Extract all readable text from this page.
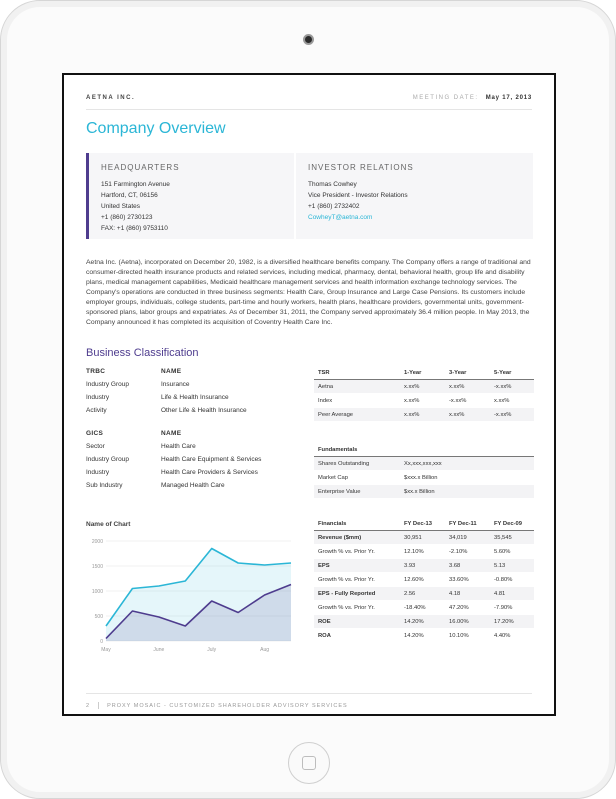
AETNA INC.	MEETING DATE: May 17, 2013
Company Overview
HEADQUARTERS
151 Farmington Avenue
Hartford, CT, 06156
United States
+1 (860) 2730123
FAX: +1 (860) 9753110
INVESTOR RELATIONS
Thomas Cowhey
Vice President - Investor Relations
+1 (860) 2732402
CowheyT@aetna.com
Aetna Inc. (Aetna), incorporated on December 20, 1982, is a diversified healthcare benefits company. The Company offers a range of traditional and consumer-directed health insurance products and related services, including medical, pharmacy, dental, behavioral health, group life and disability plans, medical management capabilities, Medicaid healthcare management services and health information exchange technology services. The Company's operations are conducted in three business segments: Health Care, Group Insurance and Large Case Pensions. Its customers include employer groups, individuals, college students, part-time and hourly workers, health plans, healthcare providers, governmental units, government-sponsored plans, labor groups and expatriates. As of December 31, 2011, the Company served approximately 36.4 million people. In May 2013, the Company announced it has completed its acquisition of Coventry Health Care Inc.
Business Classification
TRBC	NAME
Industry Group	Insurance
Industry	Life & Health Insurance
Activity	Other Life & Health Insurance
GICS	NAME
Sector	Health Care
Industry Group	Health Care Equipment & Services
Industry	Health Care Providers & Services
Sub Industry	Managed Health Care
TSR	1-Year	3-Year	5-Year
Aetna	x.xx%	x.xx%	-x.xx%
Index	x.xx%	-x.xx%	x.xx%
Peer Average	x.xx%	x.xx%	-x.xx%
Fundamentals
Shares Outstanding	Xx,xxx,xxx,xxx
Market Cap	$xxx.x Billion
Enterprise Value	$xx.x Billion
Financials	FY Dec-13	FY Dec-11	FY Dec-09
Revenue ($mm)	30,951	34,019	35,545
Growth % vs. Prior Yr.	12.10%	-2.10%	5.60%
EPS	3.93	3.68	5.13
Growth % vs. Prior Yr.	12.60%	33.60%	-0.80%
EPS - Fully Reported	2.56	4.18	4.81
Growth % vs. Prior Yr.	-18.40%	47.20%	-7.90%
ROE	14.20%	16.00%	17.20%
ROA	14.20%	10.10%	4.40%
Name of Chart
0
500
1000
1500
2000
May	June	July	Aug
2	PROXY MOSAIC - CUSTOMIZED SHAREHOLDER ADVISORY SERVICES
